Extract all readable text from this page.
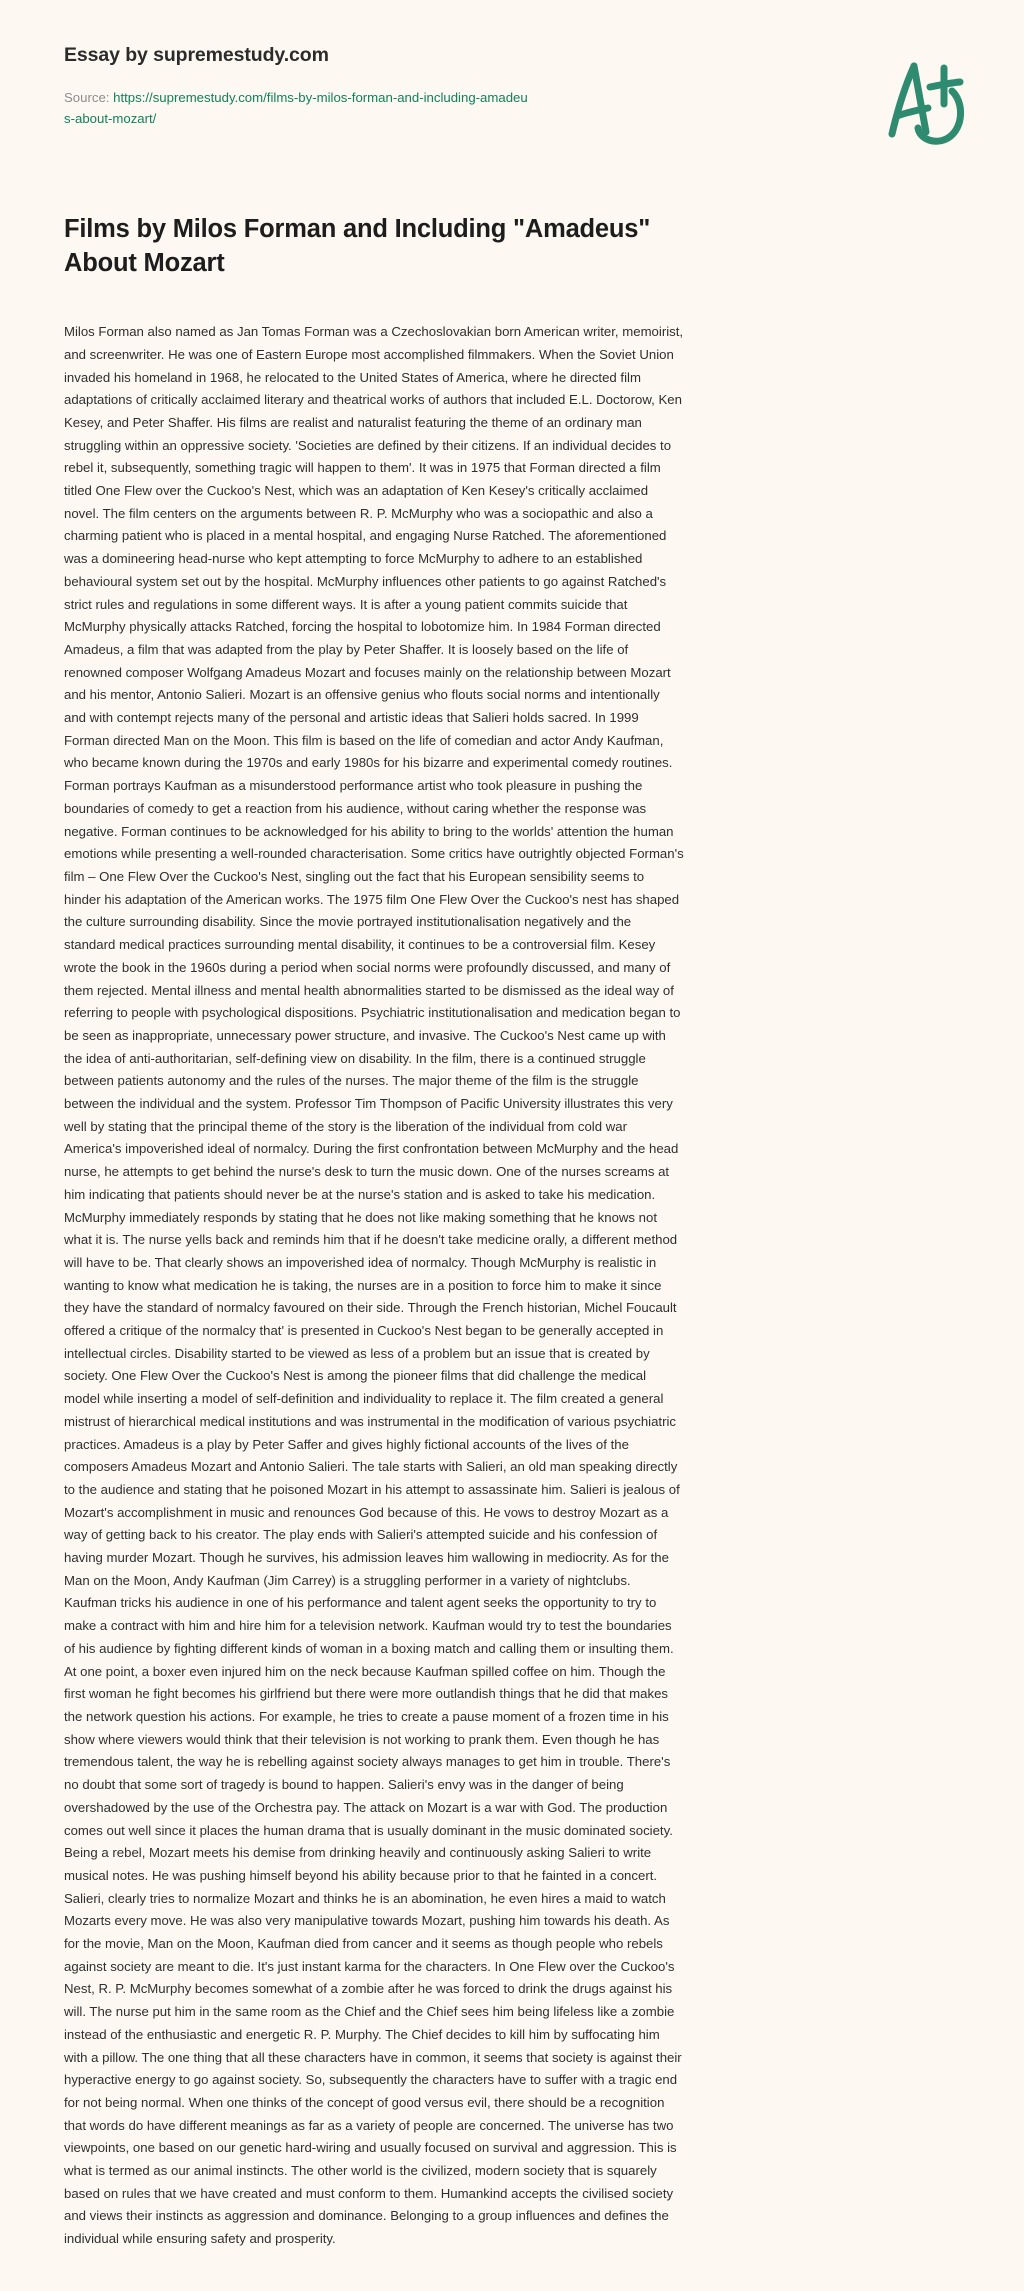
Essay by supremestudy.com
Source: https://supremestudy.com/films-by-milos-forman-and-including-amadeus-about-mozart/
Films by Milos Forman and Including "Amadeus" About Mozart

Milos Forman also named as Jan Tomas Forman was a Czechoslovakian born American writer, memoirist, and screenwriter. He was one of Eastern Europe most accomplished filmmakers. When the Soviet Union invaded his homeland in 1968, he relocated to the United States of America, where he directed film adaptations of critically acclaimed literary and theatrical works of authors that included E.L. Doctorow, Ken Kesey, and Peter Shaffer. His films are realist and naturalist featuring the theme of an ordinary man struggling within an oppressive society. 'Societies are defined by their citizens. If an individual decides to rebel it, subsequently, something tragic will happen to them'. It was in 1975 that Forman directed a film titled One Flew over the Cuckoo's Nest, which was an adaptation of Ken Kesey's critically acclaimed novel. The film centers on the arguments between R. P. McMurphy who was a sociopathic and also a charming patient who is placed in a mental hospital, and engaging Nurse Ratched. The aforementioned was a domineering head-nurse who kept attempting to force McMurphy to adhere to an established behavioural system set out by the hospital. McMurphy influences other patients to go against Ratched's strict rules and regulations in some different ways. It is after a young patient commits suicide that McMurphy physically attacks Ratched, forcing the hospital to lobotomize him. In 1984 Forman directed Amadeus, a film that was adapted from the play by Peter Shaffer. It is loosely based on the life of renowned composer Wolfgang Amadeus Mozart and focuses mainly on the relationship between Mozart and his mentor, Antonio Salieri. Mozart is an offensive genius who flouts social norms and intentionally and with contempt rejects many of the personal and artistic ideas that Salieri holds sacred. In 1999 Forman directed Man on the Moon. This film is based on the life of comedian and actor Andy Kaufman, who became known during the 1970s and early 1980s for his bizarre and experimental comedy routines. Forman portrays Kaufman as a misunderstood performance artist who took pleasure in pushing the boundaries of comedy to get a reaction from his audience, without caring whether the response was negative. Forman continues to be acknowledged for his ability to bring to the worlds' attention the human emotions while presenting a well-rounded characterisation. Some critics have outrightly objected Forman's film – One Flew Over the Cuckoo's Nest, singling out the fact that his European sensibility seems to hinder his adaptation of the American works. The 1975 film One Flew Over the Cuckoo's nest has shaped the culture surrounding disability. Since the movie portrayed institutionalisation negatively and the standard medical practices surrounding mental disability, it continues to be a controversial film. Kesey wrote the book in the 1960s during a period when social norms were profoundly discussed, and many of them rejected. Mental illness and mental health abnormalities started to be dismissed as the ideal way of referring to people with psychological dispositions. Psychiatric institutionalisation and medication began to be seen as inappropriate, unnecessary power structure, and invasive. The Cuckoo's Nest came up with the idea of anti-authoritarian, self-defining view on disability. In the film, there is a continued struggle between patients autonomy and the rules of the nurses. The major theme of the film is the struggle between the individual and the system. Professor Tim Thompson of Pacific University illustrates this very well by stating that the principal theme of the story is the liberation of the individual from cold war America's impoverished ideal of normalcy. During the first confrontation between McMurphy and the head nurse, he attempts to get behind the nurse's desk to turn the music down. One of the nurses screams at him indicating that patients should never be at the nurse's station and is asked to take his medication. McMurphy immediately responds by stating that he does not like making something that he knows not what it is. The nurse yells back and reminds him that if he doesn't take medicine orally, a different method will have to be. That clearly shows an impoverished idea of normalcy. Though McMurphy is realistic in wanting to know what medication he is taking, the nurses are in a position to force him to make it since they have the standard of normalcy favoured on their side. Through the French historian, Michel Foucault offered a critique of the normalcy that' is presented in Cuckoo's Nest began to be generally accepted in intellectual circles. Disability started to be viewed as less of a problem but an issue that is created by society. One Flew Over the Cuckoo's Nest is among the pioneer films that did challenge the medical model while inserting a model of self-definition and individuality to replace it. The film created a general mistrust of hierarchical medical institutions and was instrumental in the modification of various psychiatric practices. Amadeus is a play by Peter Saffer and gives highly fictional accounts of the lives of the composers Amadeus Mozart and Antonio Salieri. The tale starts with Salieri, an old man speaking directly to the audience and stating that he poisoned Mozart in his attempt to assassinate him. Salieri is jealous of Mozart's accomplishment in music and renounces God because of this. He vows to destroy Mozart as a way of getting back to his creator. The play ends with Salieri's attempted suicide and his confession of having murder Mozart. Though he survives, his admission leaves him wallowing in mediocrity. As for the Man on the Moon, Andy Kaufman (Jim Carrey) is a struggling performer in a variety of nightclubs. Kaufman tricks his audience in one of his performance and talent agent seeks the opportunity to try to make a contract with him and hire him for a television network. Kaufman would try to test the boundaries of his audience by fighting different kinds of woman in a boxing match and calling them or insulting them. At one point, a boxer even injured him on the neck because Kaufman spilled coffee on him. Though the first woman he fight becomes his girlfriend but there were more outlandish things that he did that makes the network question his actions. For example, he tries to create a pause moment of a frozen time in his show where viewers would think that their television is not working to prank them. Even though he has tremendous talent, the way he is rebelling against society always manages to get him in trouble. There's no doubt that some sort of tragedy is bound to happen. Salieri's envy was in the danger of being overshadowed by the use of the Orchestra pay. The attack on Mozart is a war with God. The production comes out well since it places the human drama that is usually dominant in the music dominated society. Being a rebel, Mozart meets his demise from drinking heavily and continuously asking Salieri to write musical notes. He was pushing himself beyond his ability because prior to that he fainted in a concert. Salieri, clearly tries to normalize Mozart and thinks he is an abomination, he even hires a maid to watch Mozarts every move. He was also very manipulative towards Mozart, pushing him towards his death. As for the movie, Man on the Moon, Kaufman died from cancer and it seems as though people who rebels against society are meant to die. It's just instant karma for the characters. In One Flew over the Cuckoo's Nest, R. P. McMurphy becomes somewhat of a zombie after he was forced to drink the drugs against his will. The nurse put him in the same room as the Chief and the Chief sees him being lifeless like a zombie instead of the enthusiastic and energetic R. P. Murphy. The Chief decides to kill him by suffocating him with a pillow. The one thing that all these characters have in common, it seems that society is against their hyperactive energy to go against society. So, subsequently the characters have to suffer with a tragic end for not being normal. When one thinks of the concept of good versus evil, there should be a recognition that words do have different meanings as far as a variety of people are concerned. The universe has two viewpoints, one based on our genetic hard-wiring and usually focused on survival and aggression. This is what is termed as our animal instincts. The other world is the civilized, modern society that is squarely based on rules that we have created and must conform to them. Humankind accepts the civilised society and views their instincts as aggression and dominance. Belonging to a group influences and defines the individual while ensuring safety and prosperity.
